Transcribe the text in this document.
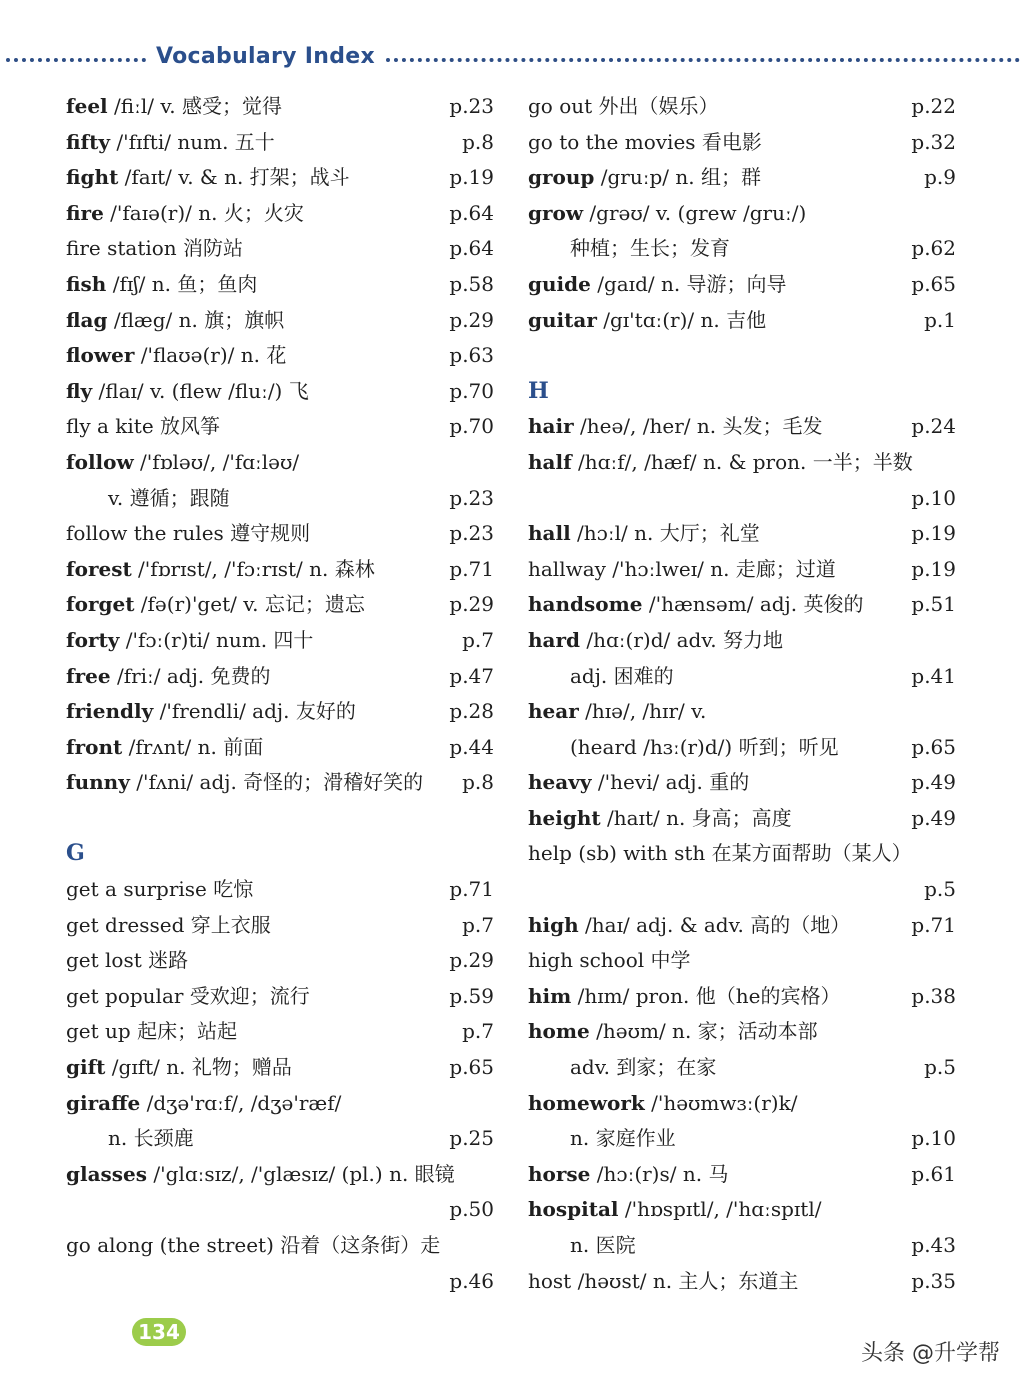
Vocabulary Index
feel /fiːl/ v. 感受；觉得	p.23
fifty /'fɪfti/ num. 五十	p.8
fight /faɪt/ v. & n. 打架；战斗	p.19
fire /'faɪə(r)/ n. 火；火灾	p.64
fire station 消防站	p.64
fish /fɪʃ/ n. 鱼；鱼肉	p.58
flag /flæg/ n. 旗；旗帜	p.29
flower /'flaʊə(r)/ n. 花	p.63
fly /flaɪ/ v. (flew /fluː/) 飞	p.70
fly a kite 放风筝	p.70
follow /'fɒləʊ/, /'fɑːləʊ/
v. 遵循；跟随	p.23
follow the rules 遵守规则	p.23
forest /'fɒrɪst/, /'fɔːrɪst/ n. 森林	p.71
forget /fə(r)'get/ v. 忘记；遗忘	p.29
forty /'fɔː(r)ti/ num. 四十	p.7
free /friː/ adj. 免费的	p.47
friendly /'frendli/ adj. 友好的	p.28
front /frʌnt/ n. 前面	p.44
funny /'fʌni/ adj. 奇怪的；滑稽好笑的 p.8
G
get a surprise 吃惊	p.71
get dressed 穿上衣服	p.7
get lost 迷路	p.29
get popular 受欢迎；流行	p.59
get up 起床；站起	p.7
gift /gɪft/ n. 礼物；赠品	p.65
giraffe /dʒə'rɑːf/, /dʒə'ræf/
n. 长颈鹿	p.25
glasses /'glɑːsɪz/, /'glæsɪz/ (pl.) n. 眼镜
p.50
go along (the street) 沿着（这条街）走
p.46
go out 外出（娱乐）	p.22
go to the movies 看电影	p.32
group /gruːp/ n. 组；群	p.9
grow /grəʊ/ v. (grew /gruː/)
种植；生长；发育	p.62
guide /gaɪd/ n. 导游；向导	p.65
guitar /gɪ'tɑː(r)/ n. 吉他	p.1
H
hair /heə/, /her/ n. 头发；毛发	p.24
half /hɑːf/, /hæf/ n. & pron. 一半；半数
p.10
hall /hɔːl/ n. 大厅；礼堂	p.19
hallway /'hɔːlweɪ/ n. 走廊；过道	p.19
handsome /'hænsəm/ adj. 英俊的 p.51
hard /hɑː(r)d/ adv. 努力地
adj. 困难的	p.41
hear /hɪə/, /hɪr/ v.
(heard /hɜː(r)d/) 听到；听见	p.65
heavy /'hevi/ adj. 重的	p.49
height /haɪt/ n. 身高；高度	p.49
help (sb) with sth 在某方面帮助（某人）
p.5
high /haɪ/ adj. & adv. 高的（地）	p.71
high school 中学
him /hɪm/ pron. 他（he的宾格）	p.38
home /həʊm/ n. 家；活动本部
adv. 到家；在家	p.5
homework /'həʊmwɜː(r)k/
n. 家庭作业	p.10
horse /hɔː(r)s/ n. 马	p.61
hospital /'hɒspɪtl/, /'hɑːspɪtl/
n. 医院	p.43
host /həʊst/ n. 主人；东道主	p.35
134
头条 @升学帮
